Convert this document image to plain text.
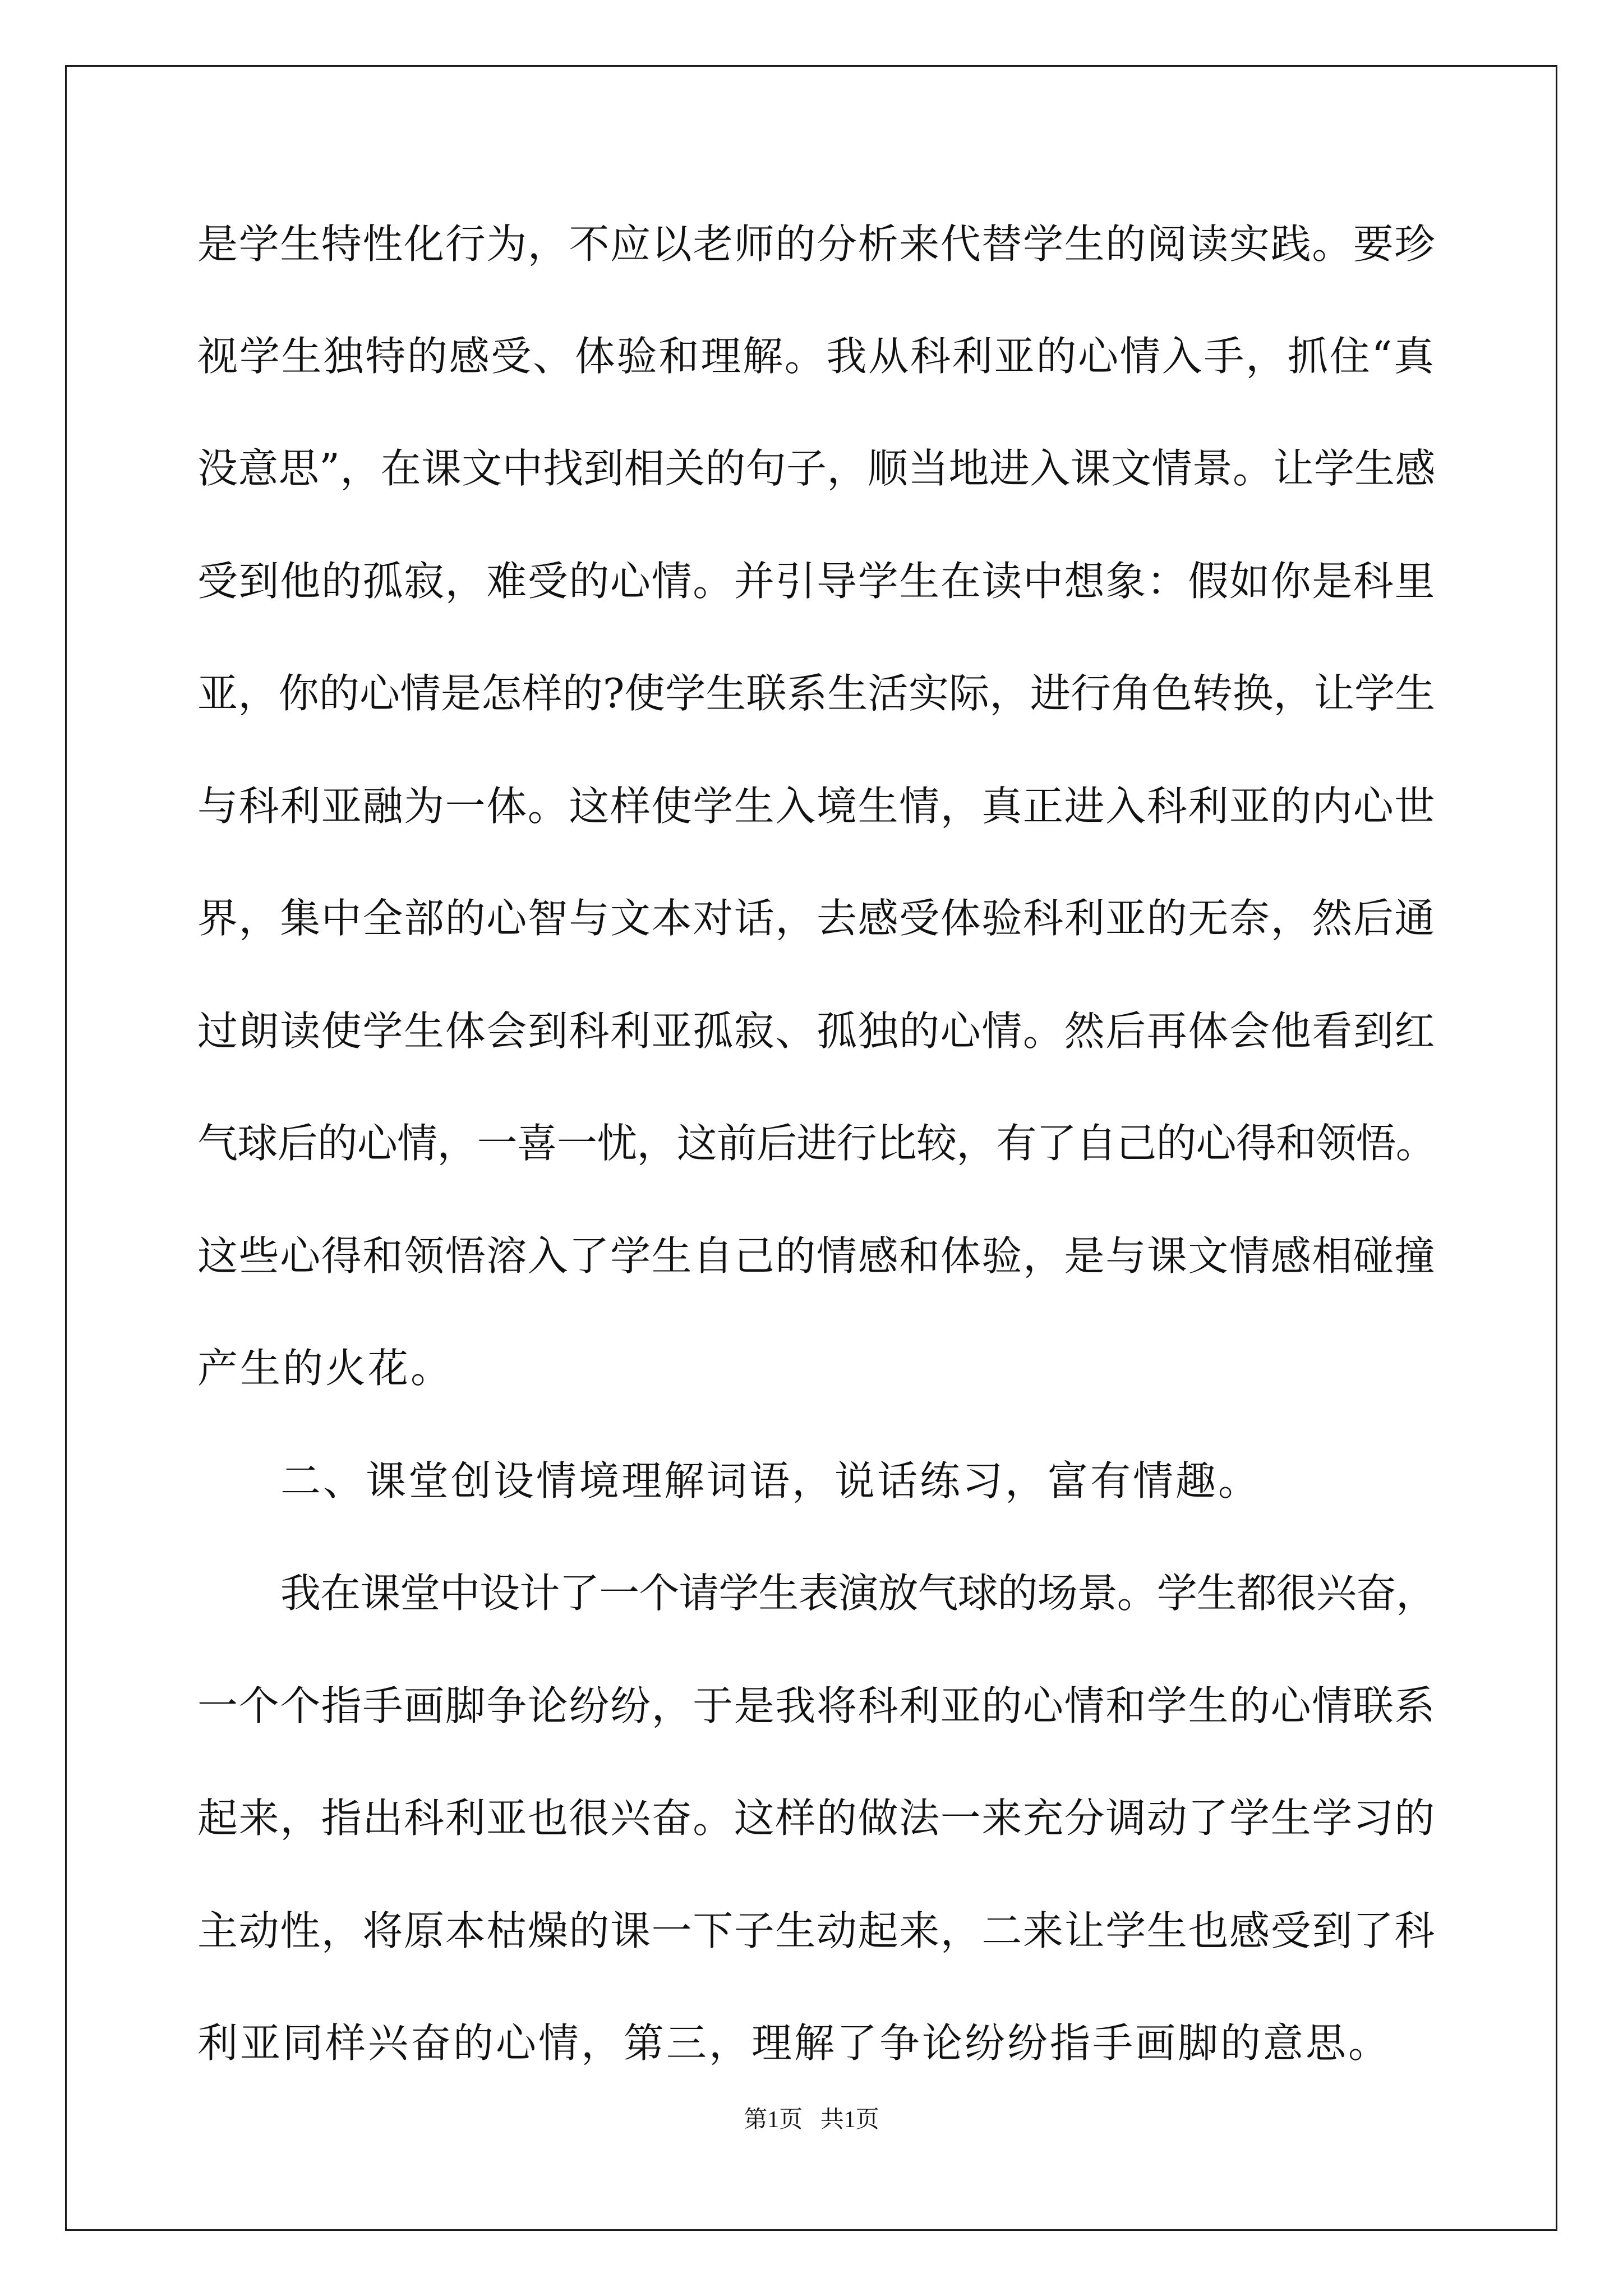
是学生特性化行为，不应以老师的分析来代替学生的阅读实践。要珍
视学生独特的感受、体验和理解。我从科利亚的心情入手，抓住“真
没意思”，在课文中找到相关的句子，顺当地进入课文情景。让学生感
受到他的孤寂，难受的心情。并引导学生在读中想象：假如你是科里
亚，你的心情是怎样的?使学生联系生活实际，进行角色转换，让学生
与科利亚融为一体。这样使学生入境生情，真正进入科利亚的内心世
界，集中全部的心智与文本对话，去感受体验科利亚的无奈，然后通
过朗读使学生体会到科利亚孤寂、孤独的心情。然后再体会他看到红
气球后的心情，一喜一忧，这前后进行比较，有了自己的心得和领悟。
这些心得和领悟溶入了学生自己的情感和体验，是与课文情感相碰撞
产生的火花。
二、课堂创设情境理解词语，说话练习，富有情趣。
我在课堂中设计了一个请学生表演放气球的场景。学生都很兴奋，
一个个指手画脚争论纷纷，于是我将科利亚的心情和学生的心情联系
起来，指出科利亚也很兴奋。这样的做法一来充分调动了学生学习的
主动性，将原本枯燥的课一下子生动起来，二来让学生也感受到了科
利亚同样兴奋的心情，第三，理解了争论纷纷指手画脚的意思。
第1页   共1页
